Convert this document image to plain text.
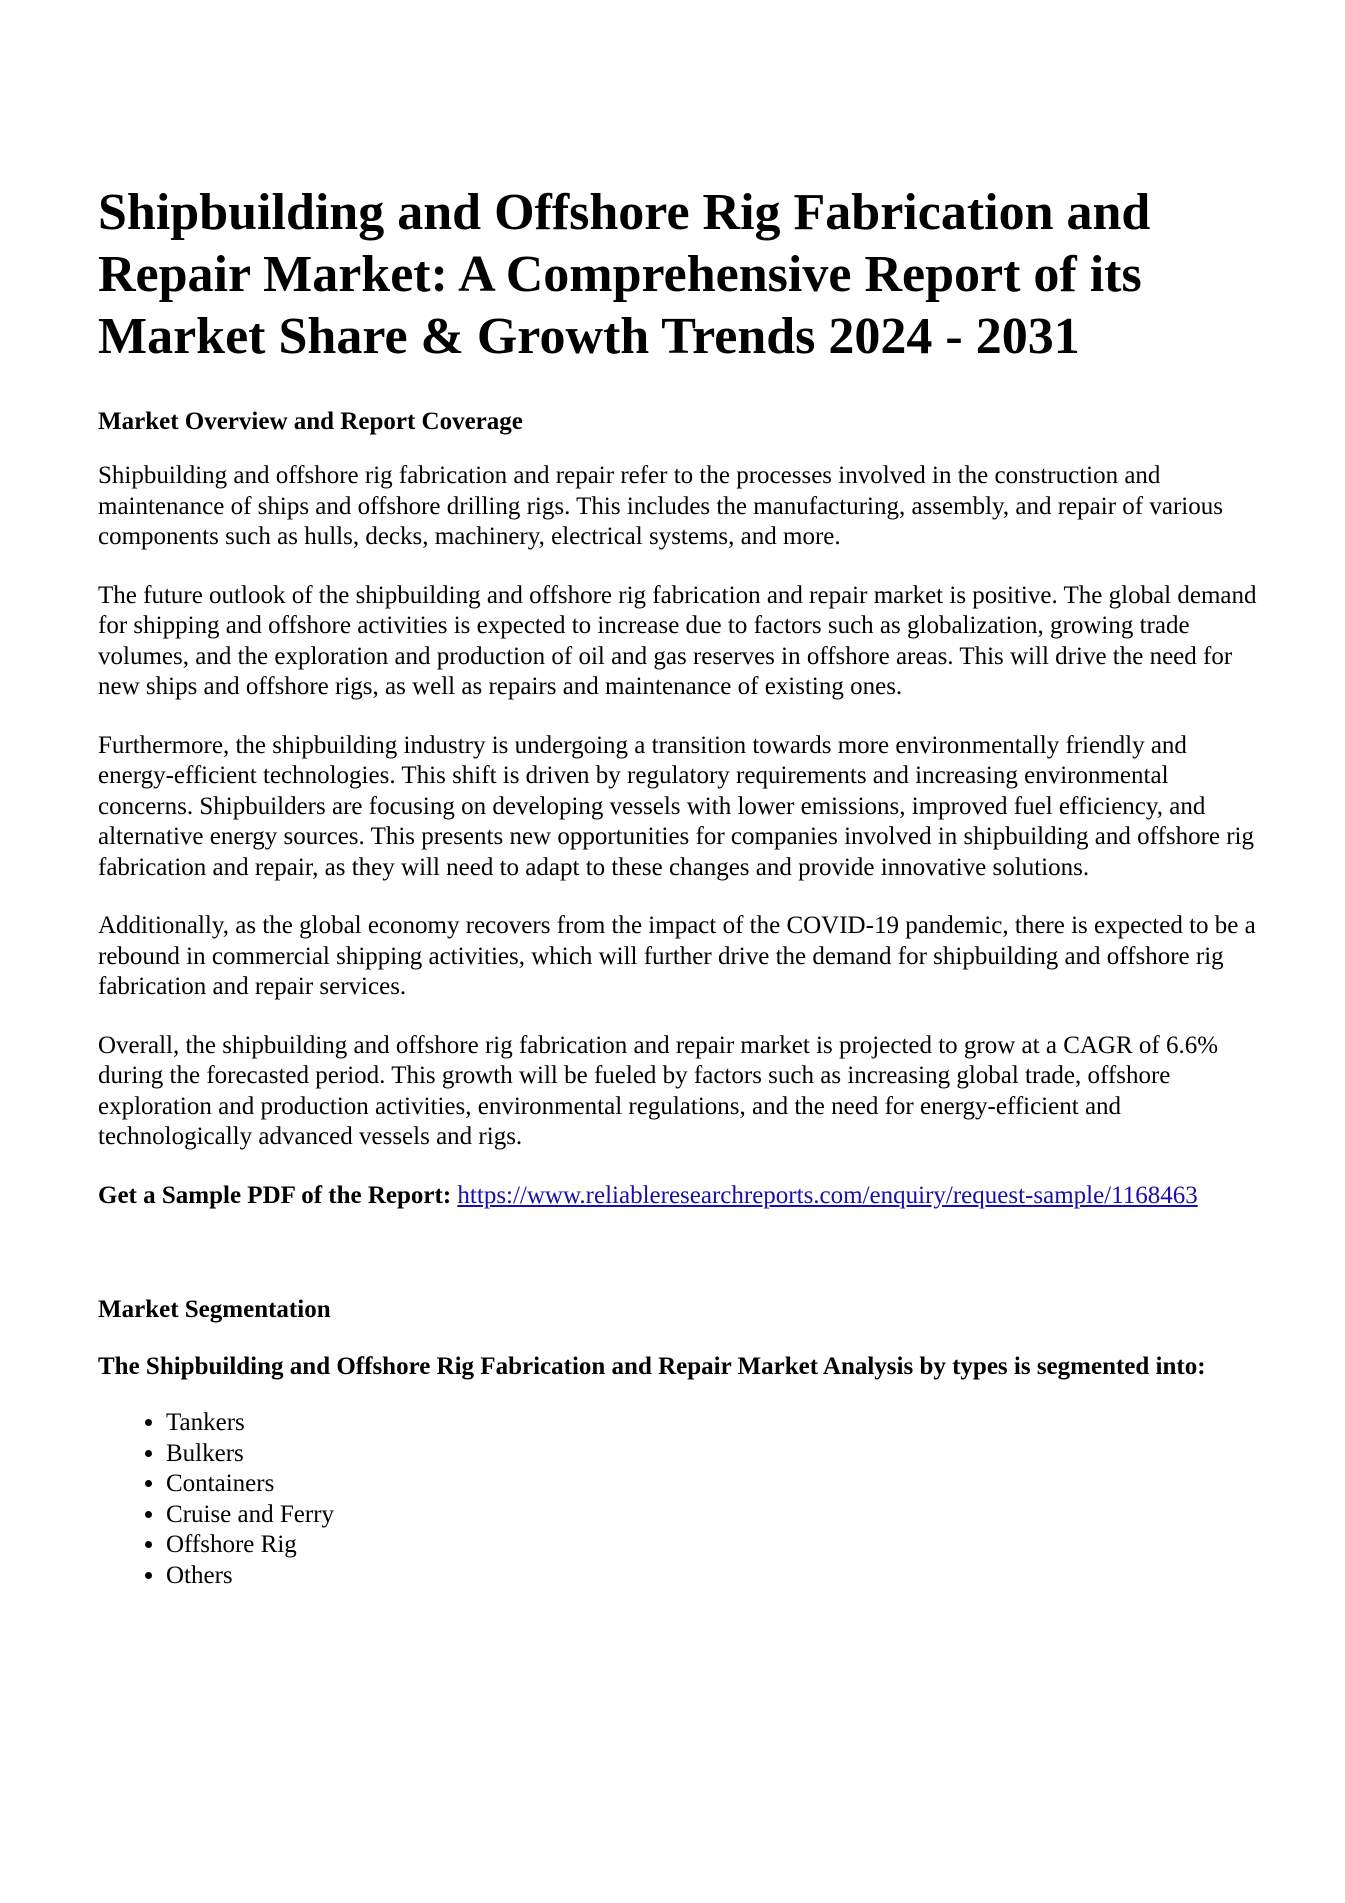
Shipbuilding and Offshore Rig Fabrication and Repair Market: A Comprehensive Report of its Market Share & Growth Trends 2024 - 2031
Market Overview and Report Coverage

Shipbuilding and offshore rig fabrication and repair refer to the processes involved in the construction and maintenance of ships and offshore drilling rigs. This includes the manufacturing, assembly, and repair of various components such as hulls, decks, machinery, electrical systems, and more.

The future outlook of the shipbuilding and offshore rig fabrication and repair market is positive. The global demand for shipping and offshore activities is expected to increase due to factors such as globalization, growing trade volumes, and the exploration and production of oil and gas reserves in offshore areas. This will drive the need for new ships and offshore rigs, as well as repairs and maintenance of existing ones.

Furthermore, the shipbuilding industry is undergoing a transition towards more environmentally friendly and energy-efficient technologies. This shift is driven by regulatory requirements and increasing environmental concerns. Shipbuilders are focusing on developing vessels with lower emissions, improved fuel efficiency, and alternative energy sources. This presents new opportunities for companies involved in shipbuilding and offshore rig fabrication and repair, as they will need to adapt to these changes and provide innovative solutions.

Additionally, as the global economy recovers from the impact of the COVID-19 pandemic, there is expected to be a rebound in commercial shipping activities, which will further drive the demand for shipbuilding and offshore rig fabrication and repair services.

Overall, the shipbuilding and offshore rig fabrication and repair market is projected to grow at a CAGR of 6.6% during the forecasted period. This growth will be fueled by factors such as increasing global trade, offshore exploration and production activities, environmental regulations, and the need for energy-efficient and technologically advanced vessels and rigs.

Get a Sample PDF of the Report: https://www.reliableresearchreports.com/enquiry/request-sample/1168463

Market Segmentation
The Shipbuilding and Offshore Rig Fabrication and Repair Market Analysis by types is segmented into:
• Tankers
• Bulkers
• Containers
• Cruise and Ferry
• Offshore Rig
• Others
